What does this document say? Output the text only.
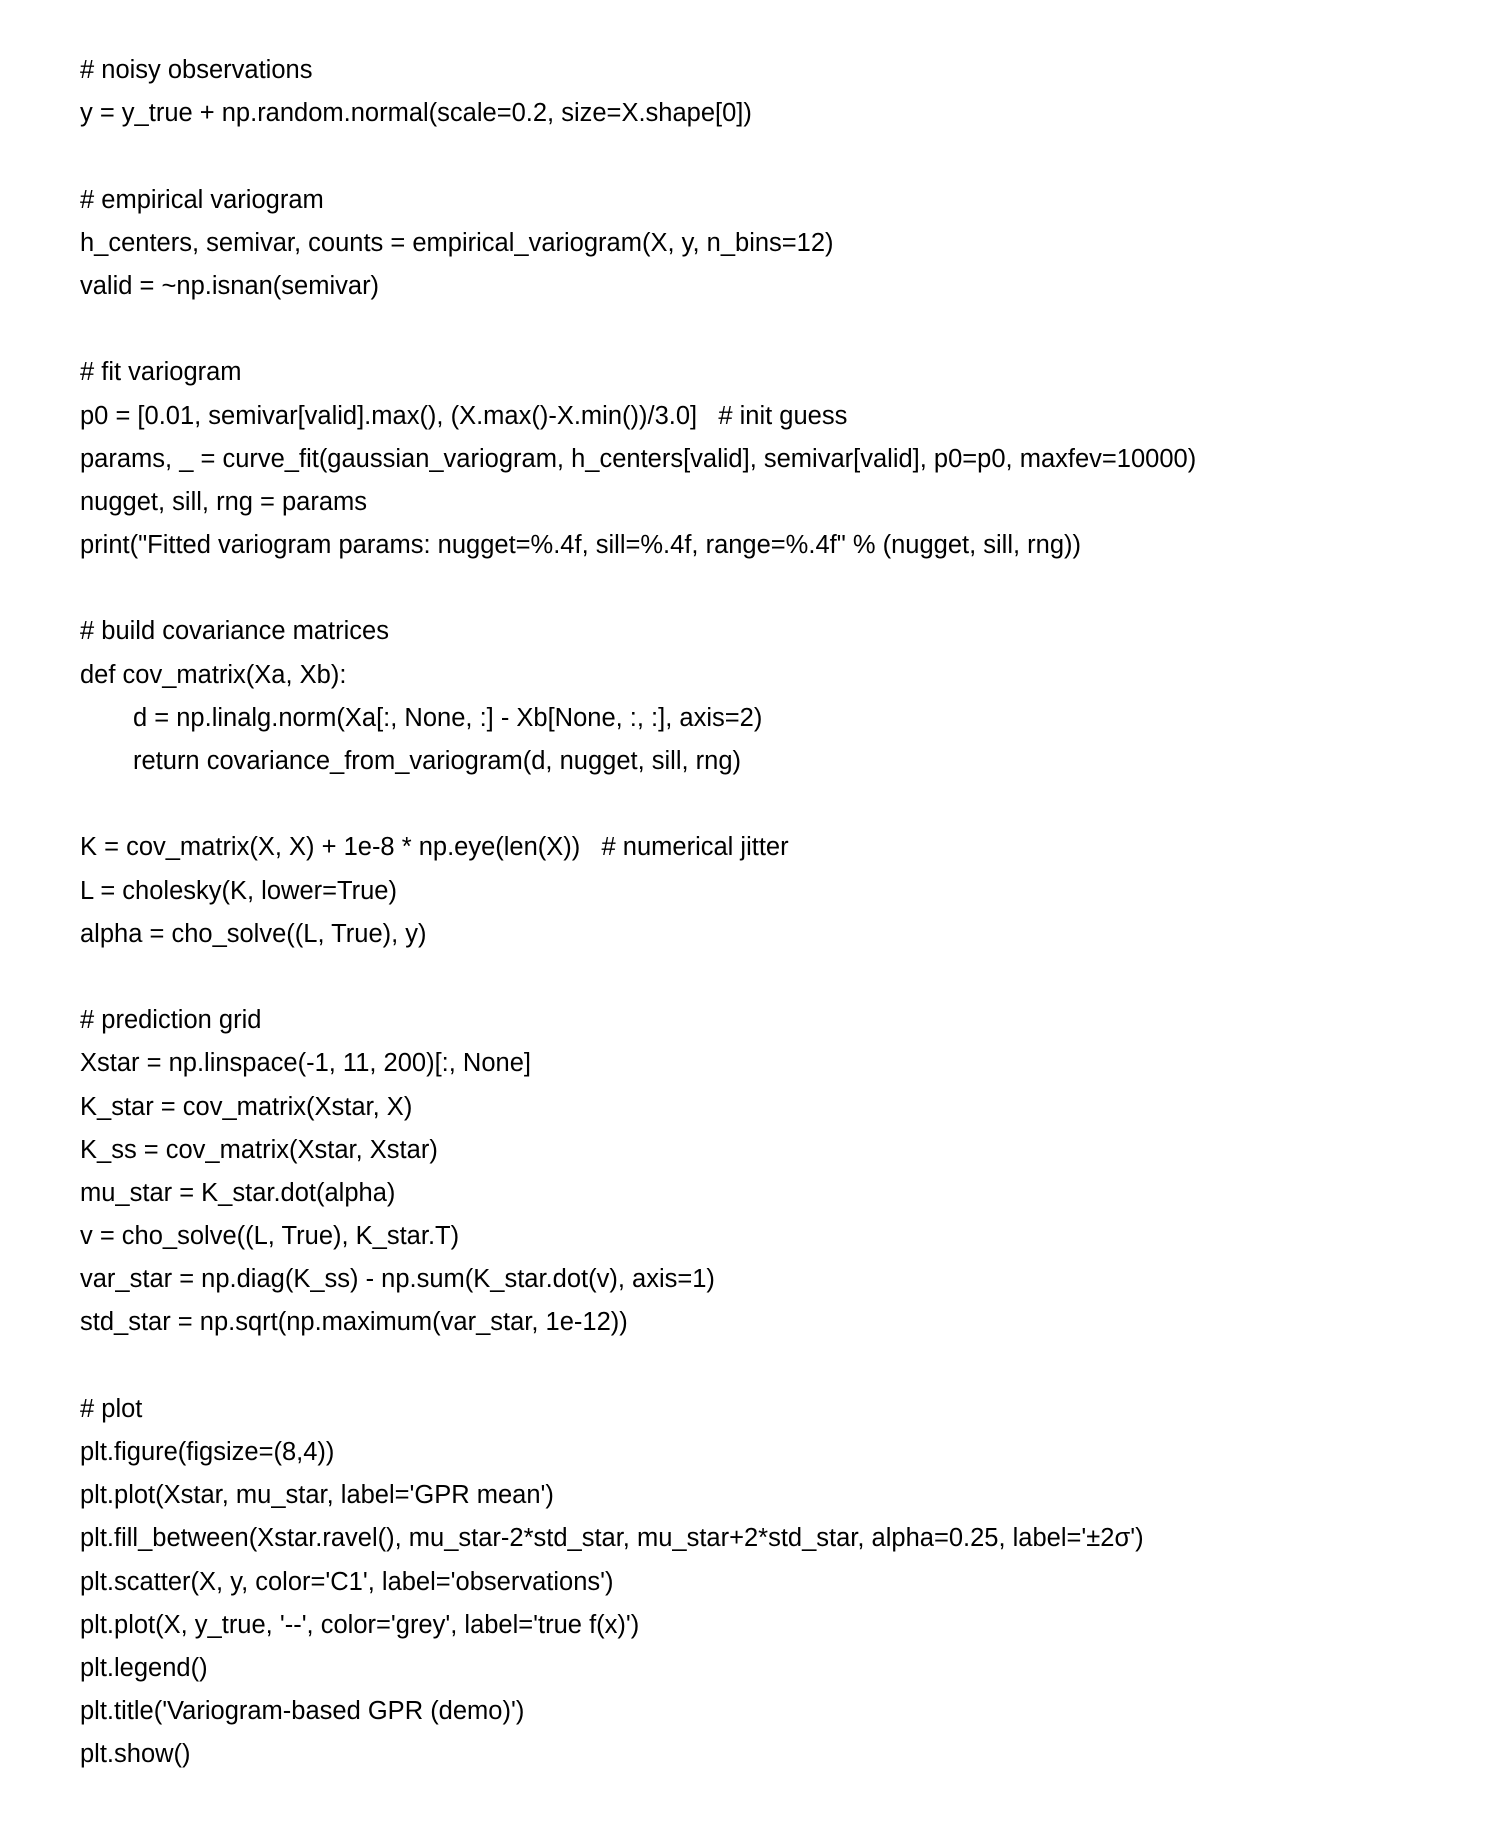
# noisy observations
y = y_true + np.random.normal(scale=0.2, size=X.shape[0])
# empirical variogram
h_centers, semivar, counts = empirical_variogram(X, y, n_bins=12)
valid = ~np.isnan(semivar)
# fit variogram
p0 = [0.01, semivar[valid].max(), (X.max()-X.min())/3.0]   # init guess
params, _ = curve_fit(gaussian_variogram, h_centers[valid], semivar[valid], p0=p0, maxfev=10000)
nugget, sill, rng = params
print("Fitted variogram params: nugget=%.4f, sill=%.4f, range=%.4f" % (nugget, sill, rng))
# build covariance matrices
def cov_matrix(Xa, Xb):
d = np.linalg.norm(Xa[:, None, :] - Xb[None, :, :], axis=2)
return covariance_from_variogram(d, nugget, sill, rng)
K = cov_matrix(X, X) + 1e-8 * np.eye(len(X))   # numerical jitter
L = cholesky(K, lower=True)
alpha = cho_solve((L, True), y)
# prediction grid
Xstar = np.linspace(-1, 11, 200)[:, None]
K_star = cov_matrix(Xstar, X)
K_ss = cov_matrix(Xstar, Xstar)
mu_star = K_star.dot(alpha)
v = cho_solve((L, True), K_star.T)
var_star = np.diag(K_ss) - np.sum(K_star.dot(v), axis=1)
std_star = np.sqrt(np.maximum(var_star, 1e-12))
# plot
plt.figure(figsize=(8,4))
plt.plot(Xstar, mu_star, label='GPR mean')
plt.fill_between(Xstar.ravel(), mu_star-2*std_star, mu_star+2*std_star, alpha=0.25, label='±2σ')
plt.scatter(X, y, color='C1', label='observations')
plt.plot(X, y_true, '--', color='grey', label='true f(x)')
plt.legend()
plt.title('Variogram-based GPR (demo)')
plt.show()
